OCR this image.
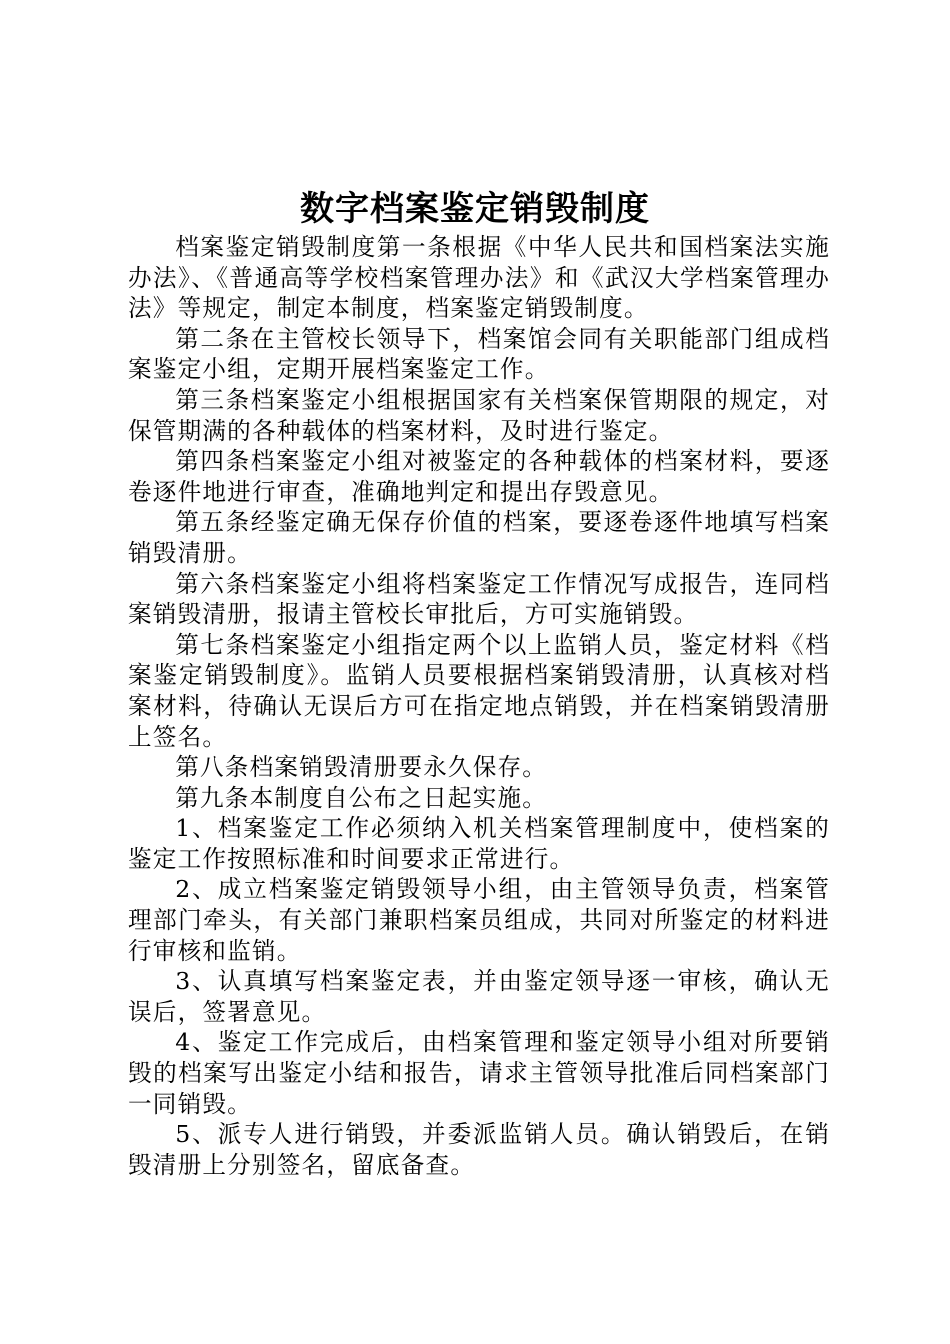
数字档案鉴定销毁制度

档案鉴定销毁制度第一条根据《中华人民共和国档案法实施办法》、《普通高等学校档案管理办法》和《武汉大学档案管理办法》等规定，制定本制度，档案鉴定销毁制度。

第二条在主管校长领导下，档案馆会同有关职能部门组成档案鉴定小组，定期开展档案鉴定工作。

第三条档案鉴定小组根据国家有关档案保管期限的规定，对保管期满的各种载体的档案材料，及时进行鉴定。

第四条档案鉴定小组对被鉴定的各种载体的档案材料，要逐卷逐件地进行审查，准确地判定和提出存毁意见。

第五条经鉴定确无保存价值的档案，要逐卷逐件地填写档案销毁清册。

第六条档案鉴定小组将档案鉴定工作情况写成报告，连同档案销毁清册，报请主管校长审批后，方可实施销毁。

第七条档案鉴定小组指定两个以上监销人员，鉴定材料《档案鉴定销毁制度》。监销人员要根据档案销毁清册，认真核对档案材料，待确认无误后方可在指定地点销毁，并在档案销毁清册上签名。

第八条档案销毁清册要永久保存。

第九条本制度自公布之日起实施。

1、档案鉴定工作必须纳入机关档案管理制度中，使档案的鉴定工作按照标准和时间要求正常进行。

2、成立档案鉴定销毁领导小组，由主管领导负责，档案管理部门牵头，有关部门兼职档案员组成，共同对所鉴定的材料进行审核和监销。

3、认真填写档案鉴定表，并由鉴定领导逐一审核，确认无误后，签署意见。

4、鉴定工作完成后，由档案管理和鉴定领导小组对所要销毁的档案写出鉴定小结和报告，请求主管领导批准后同档案部门一同销毁。

5、派专人进行销毁，并委派监销人员。确认销毁后，在销毁清册上分别签名，留底备查。
